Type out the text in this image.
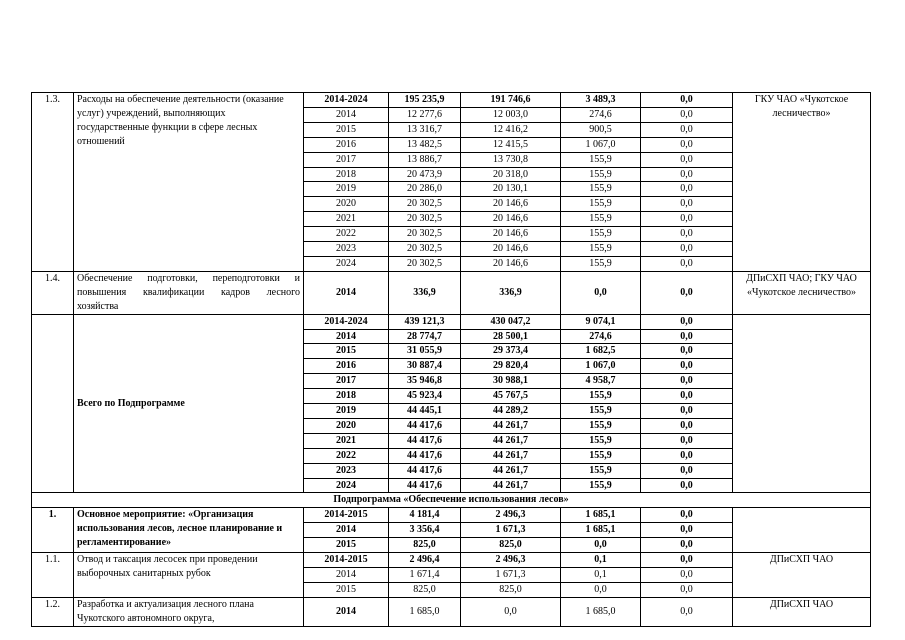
1.3.	Расходы на обеспечение деятельности (оказание услуг) учреждений, выполняющих государственные функции в сфере лесных отношений	2014-2024	195 235,9	191 746,6	3 489,3	0,0	ГКУ ЧАО «Чукотское лесничество»
		2014	12 277,6	12 003,0	274,6	0,0	
		2015	13 316,7	12 416,2	900,5	0,0	
		2016	13 482,5	12 415,5	1 067,0	0,0	
		2017	13 886,7	13 730,8	155,9	0,0	
		2018	20 473,9	20 318,0	155,9	0,0	
		2019	20 286,0	20 130,1	155,9	0,0	
		2020	20 302,5	20 146,6	155,9	0,0	
		2021	20 302,5	20 146,6	155,9	0,0	
		2022	20 302,5	20 146,6	155,9	0,0	
		2023	20 302,5	20 146,6	155,9	0,0	
		2024	20 302,5	20 146,6	155,9	0,0	
1.4.	Обеспечение подготовки, переподготовки и повышения квалификации кадров лесного хозяйства	2014	336,9	336,9	0,0	0,0	ДПиСХП ЧАО; ГКУ ЧАО «Чукотское лесничество»
	Всего по Подпрограмме	2014-2024	439 121,3	430 047,2	9 074,1	0,0	
		2014	28 774,7	28 500,1	274,6	0,0	
		2015	31 055,9	29 373,4	1 682,5	0,0	
		2016	30 887,4	29 820,4	1 067,0	0,0	
		2017	35 946,8	30 988,1	4 958,7	0,0	
		2018	45 923,4	45 767,5	155,9	0,0	
		2019	44 445,1	44 289,2	155,9	0,0	
		2020	44 417,6	44 261,7	155,9	0,0	
		2021	44 417,6	44 261,7	155,9	0,0	
		2022	44 417,6	44 261,7	155,9	0,0	
		2023	44 417,6	44 261,7	155,9	0,0	
		2024	44 417,6	44 261,7	155,9	0,0	
Подпрограмма «Обеспечение использования лесов»							
1.	Основное мероприятие: «Организация использования лесов, лесное планирование и регламентирование»	2014-2015	4 181,4	2 496,3	1 685,1	0,0	
		2014	3 356,4	1 671,3	1 685,1	0,0	
		2015	825,0	825,0	0,0	0,0	
1.1.	Отвод и таксация лесосек при проведении выборочных санитарных рубок	2014-2015	2 496,4	2 496,3	0,1	0,0	ДПиСХП ЧАО
		2014	1 671,4	1 671,3	0,1	0,0	
		2015	825,0	825,0	0,0	0,0	
1.2.	Разработка и актуализация лесного плана Чукотского автономного округа,	2014	1 685,0	0,0	1 685,0	0,0	ДПиСХП ЧАО
